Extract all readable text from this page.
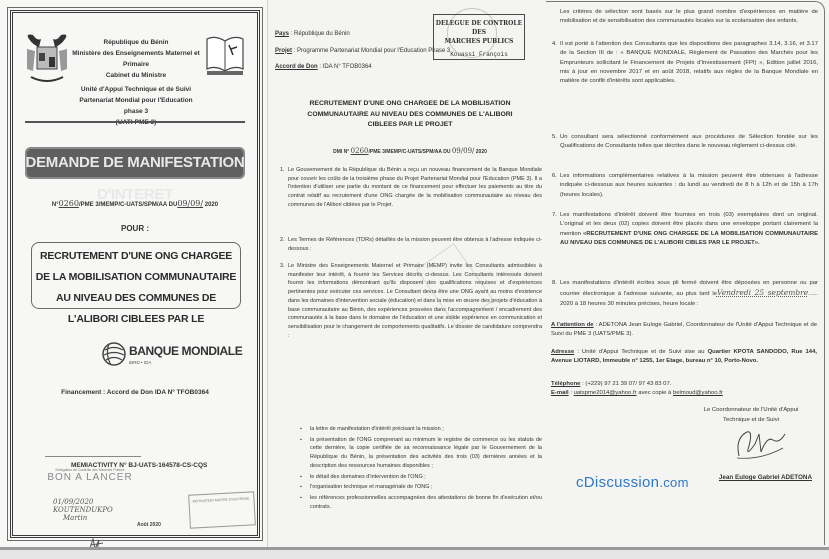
République du Bénin
Ministère des Enseignements Maternel et Primaire
Cabinet du Ministre
Unité d'Appui Technique et de Suivi
Partenariat Mondial pour l'Education phase 3
DEMANDE DE MANIFESTATION D'INTERET
N°0260/PME 3/MEMP/C-UATS/SPM/AA DU09/09/ 2020
POUR :
RECRUTEMENT D'UNE ONG CHARGEE DE LA MOBILISATION COMMUNAUTAIRE AU NIVEAU DES COMMUNES DE L'ALIBORI CIBLEES PAR LE
BANQUE MONDIALE
BIRD • IDA
Financement : Accord de Don IDA N° TFOB0364
MEMIACTIVITY N° BJ-UATS-164578-CS-CQS
Délégation de Contrôle des Marchés Publics
BON A LANCER
01/09/2020
KOUTENDUKPO
Martin
Août 2020
MOTIVATION MAITRE D'OUVRAGE
Pays : République du Bénin
Projet : Programme Partenariat Mondial pour l'Education Phase 3
Accord de Don : IDA N° TFOB0364
DELEGUE DE CONTROLE DES
MARCHES PUBLICS
Kouassi François
RECRUTEMENT D'UNE ONG CHARGEE DE LA MOBILISATION COMMUNAUTAIRE AU NIVEAU DES COMMUNES DE L'ALIBORI CIBLEES PAR LE PROJET
DMI N° 0260/PME 3/MEMP/C-UATS/SPM/AA DU 09/09/ 2020
1. Le Gouvernement de la République du Bénin a reçu un nouveau financement de la Banque Mondiale pour couvrir les coûts de la troisième phase du Projet Partenariat Mondial pour l'Education (PME 3). Il a l'intention d'utiliser une partie du montant de ce financement pour effectuer les paiements au titre du contrat relatif au recrutement d'une ONG chargée de la mobilisation communautaire au niveau des communes de l'Alibori ciblées par le Projet.
2. Les Termes de Références (TDRs) détaillés de la mission peuvent être obtenus à l'adresse indiquée ci-dessous :
3. Le Ministre des Enseignements Maternel et Primaire (MEMP) invite les Consultants admissibles à manifester leur intérêt, à fournir les Services décrits ci-dessus. Les Consultants intéressés doivent fournir les informations démontrant qu'ils disposent des qualifications requises et d'expériences pertinentes pour exécuter ces services. Le Consultant devra être une ONG ayant au moins d'existence dans les domaines d'intervention sociale (éducation) et dans la mise en œuvre des projets d'éducation à base communautaire au Bénin, des expériences prouvées dans l'accompagnement / encadrement des communautés à la base dans le domaine de l'éducation et une solide expérience en communication et sensibilisation pour le changement de comportements qualitatifs. Le dossier de candidature comprendra :
▪ la lettre de manifestation d'intérêt précisant la mission ;
▪ la présentation de l'ONG comprenant au minimum le registre de commerce ou les statuts de cette dernière, la copie certifiée de sa reconnaissance légale par le Gouvernement de la République du Bénin, la présentation des activités des trois (03) dernières années et la description des ressources humaines disponibles ;
▪ le détail des domaines d'intervention de l'ONG ;
▪ l'organisation technique et managériale de l'ONG ;
▪ les références professionnelles accompagnées des attestations de bonne fin d'exécution et/ou contrats.
Les critères de sélection sont basés sur le plus grand nombre d'expériences en matière de mobilisation et de sensibilisation des communautés locales sur la scolarisation des enfants.
4. Il est porté à l'attention des Consultants que les dispositions des paragraphes 3.14, 3.16, et 3.17 de la Section III de : « BANQUE MONDIALE, Règlement de Passation des Marchés pour les Emprunteurs sollicitant le Financement de Projets d'Investissement (FPI) », Edition juillet 2016, mis à jour en novembre 2017 et en août 2018, relatifs aux règles de la Banque Mondiale en matière de conflit d'intérêts sont applicables.
5. Un consultant sera sélectionné conformément aux procédures de Sélection fondée sur les Qualifications de Consultants telles que décrites dans le nouveau règlement ci-dessus cité.
6. Les informations complémentaires relatives à la mission peuvent être obtenues à l'adresse indiquée ci-dessous aux heures suivantes : du lundi au vendredi de 8 h à 12h et de 15h à 17h (heures locales).
7. Les manifestations d'intérêt doivent être fournies en trois (03) exemplaires dont un original. L'original et les deux (02) copies doivent être placés dans une enveloppe portant clairement la mention «RECRUTEMENT D'UNE ONG CHARGEE DE LA MOBILISATION COMMUNAUTAIRE AU NIVEAU DES COMMUNES DE L'ALIBORI CIBLES PAR LE PROJET».
8. Les manifestations d'intérêt écrites sous pli fermé doivent être déposées en personne ou par courrier électronique à l'adresse suivante, au plus tard leVendredi 25 septembre...... 2020 à 18 heures 30 minutes précises, heure locale :
A l'attention de : ADETONA Jean Euloge Gabriel, Coordonnateur de l'Unité d'Appui Technique et de Suivi du PME 3 (UATS/PME 3).
Adresse : Unité d'Appui Technique et de Suivi sise au Quartier KPOTA SANDODO, Rue 144, Avenue LIOTARD, Immeuble n° 1255, 1er Etage, bureau n° 10, Porto-Novo.
Téléphone : (+229) 97 21 39 07/ 97 43 83 07.
E-mail : uatspme2014@yahoo.fr avec copie à belmoud@yahoo.fr
Le Coordonnateur de l'Unité d'Appui
Technique et de Suivi
Jean Euloge Gabriel ADETONA
cDiscussion.com
